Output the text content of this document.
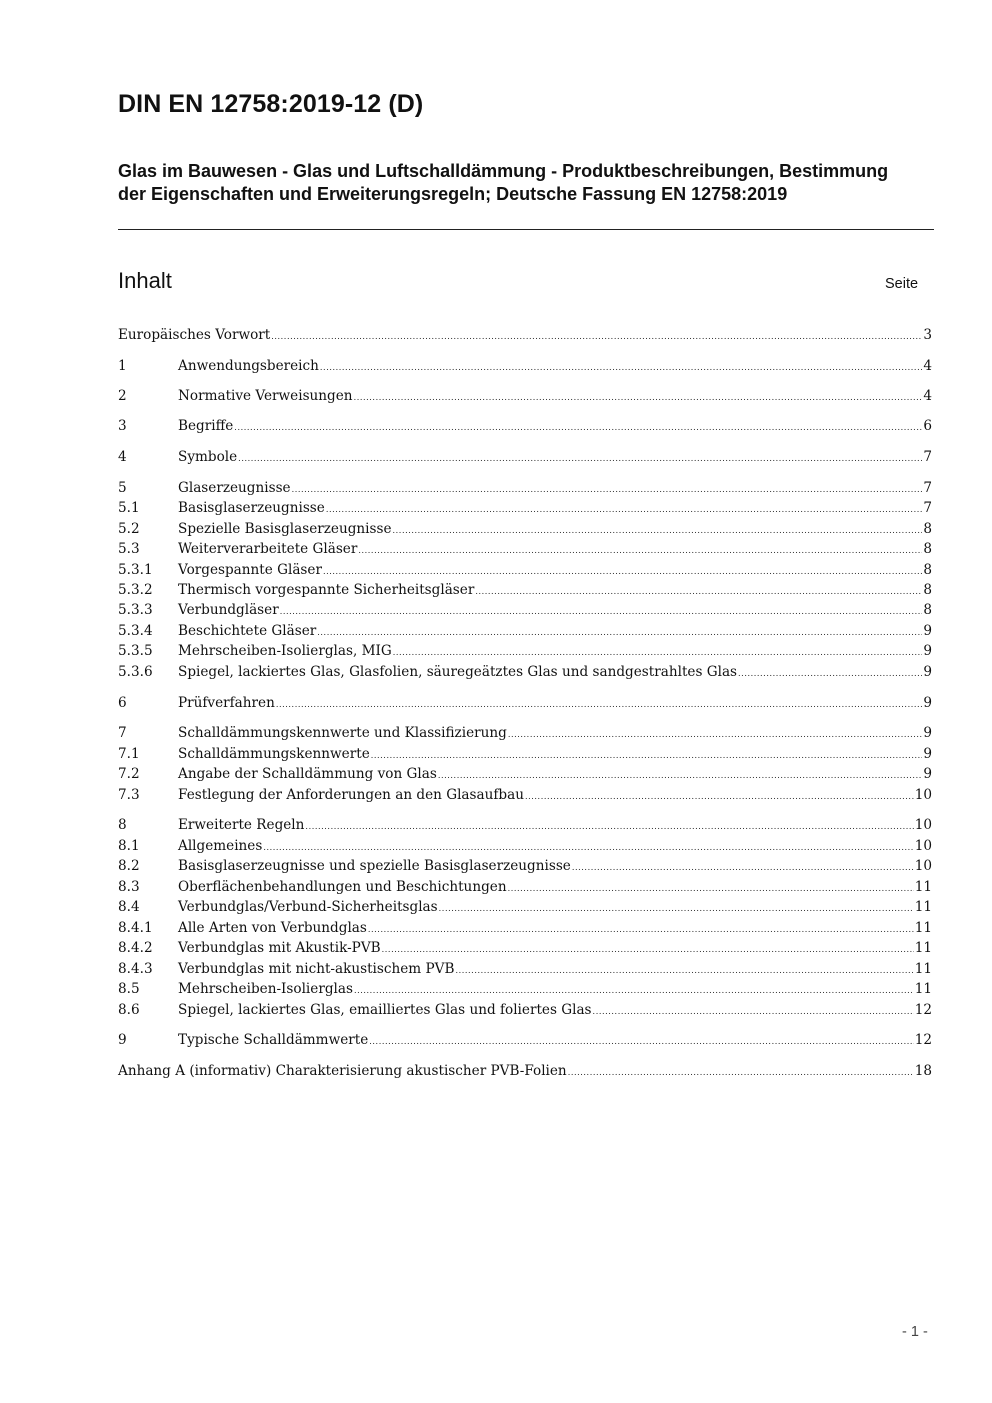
DIN EN 12758:2019-12 (D)
Glas im Bauwesen - Glas und Luftschalldämmung - Produktbeschreibungen, Bestimmung der Eigenschaften und Erweiterungsregeln; Deutsche Fassung EN 12758:2019
Inhalt	Seite
Europäisches Vorwort .....	3
1	Anwendungsbereich .....	4
2	Normative Verweisungen .....	4
3	Begriffe .....	6
4	Symbole .....	7
5	Glaserzeugnisse .....	7
5.1	Basisglaserzeugnisse .....	7
5.2	Spezielle Basisglaserzeugnisse .....	8
5.3	Weiterverarbeitete Gläser .....	8
5.3.1	Vorgespannte Gläser .....	8
5.3.2	Thermisch vorgespannte Sicherheitsgläser .....	8
5.3.3	Verbundgläser .....	8
5.3.4	Beschichtete Gläser .....	9
5.3.5	Mehrscheiben-Isolierglas, MIG .....	9
5.3.6	Spiegel, lackiertes Glas, Glasfolien, säuregeätztes Glas und sandgestrahltes Glas .....	9
6	Prüfverfahren .....	9
7	Schalldämmungskennwerte und Klassifizierung .....	9
7.1	Schalldämmungskennwerte .....	9
7.2	Angabe der Schalldämmung von Glas .....	9
7.3	Festlegung der Anforderungen an den Glasaufbau .....	10
8	Erweiterte Regeln .....	10
8.1	Allgemeines .....	10
8.2	Basisglaserzeugnisse und spezielle Basisglaserzeugnisse .....	10
8.3	Oberflächenbehandlungen und Beschichtungen .....	11
8.4	Verbundglas/Verbund-Sicherheitsglas .....	11
8.4.1	Alle Arten von Verbundglas .....	11
8.4.2	Verbundglas mit Akustik-PVB .....	11
8.4.3	Verbundglas mit nicht-akustischem PVB .....	11
8.5	Mehrscheiben-Isolierglas .....	11
8.6	Spiegel, lackiertes Glas, emailliertes Glas und foliertes Glas .....	12
9	Typische Schalldämmwerte .....	12
Anhang A (informativ) Charakterisierung akustischer PVB-Folien .....	18
- 1 -
